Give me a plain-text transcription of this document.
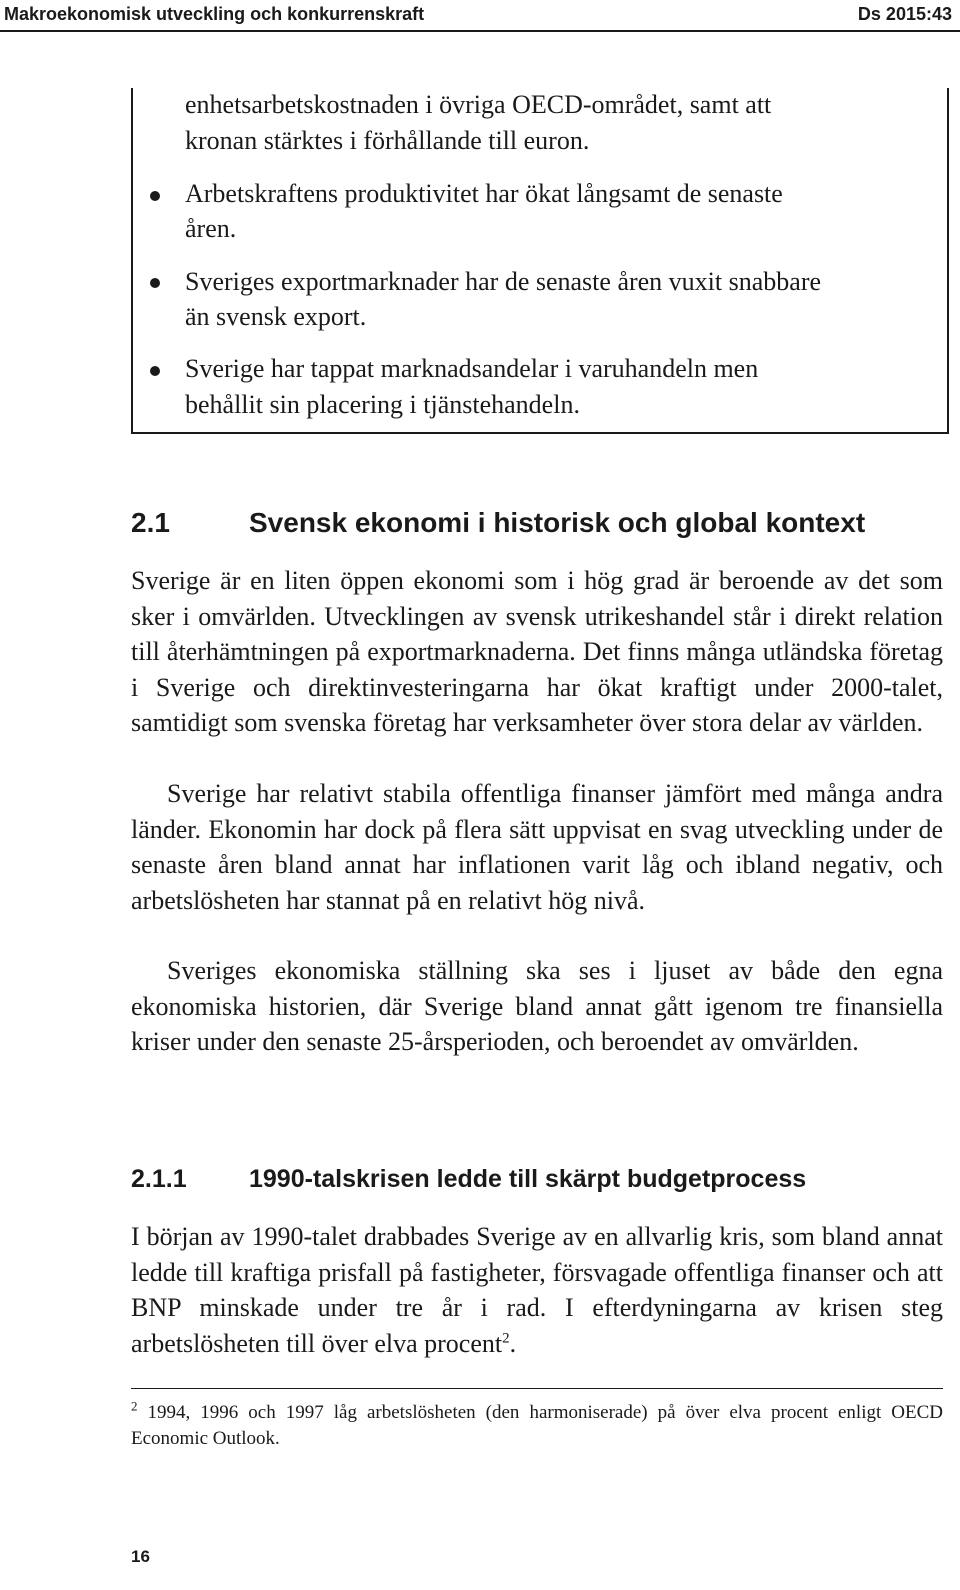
Makroekonomisk utveckling och konkurrenskraft	Ds 2015:43
enhetsarbetskostnaden i övriga OECD-området, samt att
kronan stärktes i förhållande till euron.
Arbetskraftens produktivitet har ökat långsamt de senaste
åren.
Sveriges exportmarknader har de senaste åren vuxit snabbare
än svensk export.
Sverige har tappat marknadsandelar i varuhandeln men
behållit sin placering i tjänstehandeln.
2.1	Svensk ekonomi i historisk och global kontext

Sverige är en liten öppen ekonomi som i hög grad är beroende av det som sker i omvärlden. Utvecklingen av svensk utrikeshandel står i direkt relation till återhämtningen på exportmarknaderna. Det finns många utländska företag i Sverige och direktinvesteringarna har ökat kraftigt under 2000-talet, samtidigt som svenska företag har verksamheter över stora delar av världen.

Sverige har relativt stabila offentliga finanser jämfört med många andra länder. Ekonomin har dock på flera sätt uppvisat en svag utveckling under de senaste åren bland annat har inflationen varit låg och ibland negativ, och arbetslösheten har stannat på en relativt hög nivå.

Sveriges ekonomiska ställning ska ses i ljuset av både den egna ekonomiska historien, där Sverige bland annat gått igenom tre finansiella kriser under den senaste 25-årsperioden, och beroendet av omvärlden.

2.1.1 1990-talskrisen ledde till skärpt budgetprocess

I början av 1990-talet drabbades Sverige av en allvarlig kris, som bland annat ledde till kraftiga prisfall på fastigheter, försvagade offentliga finanser och att BNP minskade under tre år i rad. I efterdyningarna av krisen steg arbetslösheten till över elva procent$^2$.

$^2$ 1994, 1996 och 1997 låg arbetslösheten (den harmoniserade) på över elva procent enligt OECD Economic Outlook.

16
